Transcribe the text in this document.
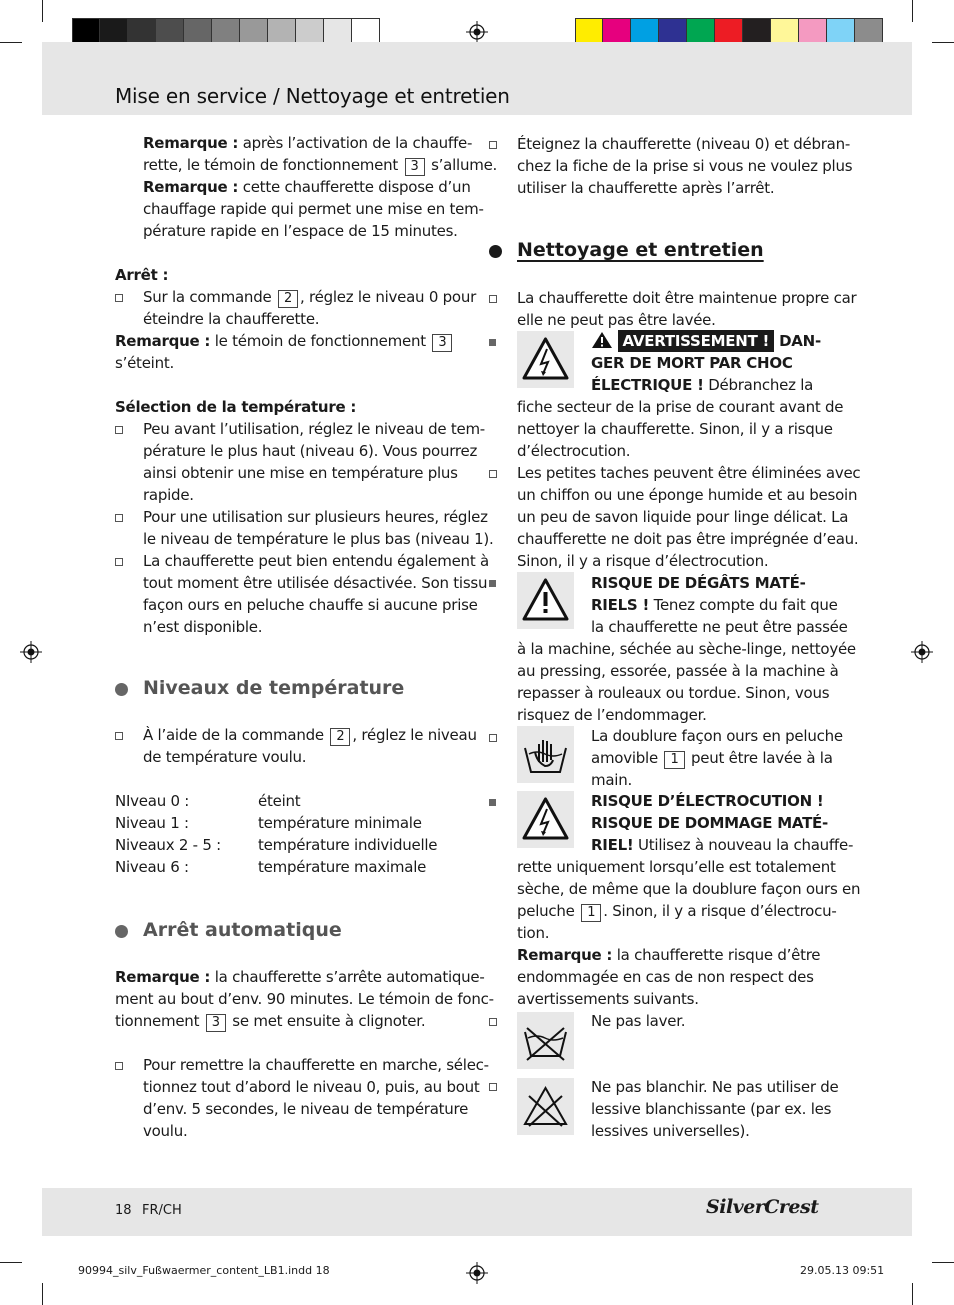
Mise en service / Nettoyage et entretien
Remarque : après l’activation de la chauffe-
rette, le témoin de fonctionnement 3 s’allume.
Remarque : cette chaufferette dispose d’un
chauffage rapide qui permet une mise en tem-
pérature rapide en l’espace de 15 minutes.
Arrêt :
Sur la commande 2 , réglez le niveau 0 pour
éteindre la chaufferette.
Remarque : le témoin de fonctionnement 3
s’éteint.
Sélection de la température :
Peu avant l’utilisation, réglez le niveau de tem-
pérature le plus haut (niveau 6). Vous pourrez
ainsi obtenir une mise en température plus
rapide.
Pour une utilisation sur plusieurs heures, réglez
le niveau de température le plus bas (niveau 1).
La chaufferette peut bien entendu également à
tout moment être utilisée désactivée. Son tissu
façon ours en peluche chauffe si aucune prise
n’est disponible.
Niveaux de température
À l’aide de la commande 2 , réglez le niveau
de température voulu.
NIveau 0 :	éteint
Niveau 1 :	température minimale
Niveaux 2 - 5 : température individuelle
Niveau 6 :	température maximale
Arrêt automatique
Remarque : la chaufferette s’arrête automatique-
ment au bout d’env. 90 minutes. Le témoin de fonc-
tionnement 3 se met ensuite à clignoter.
Pour remettre la chaufferette en marche, sélec-
tionnez tout d’abord le niveau 0, puis, au bout
d’env. 5 secondes, le niveau de température
voulu.
Éteignez la chaufferette (niveau 0) et débran-
chez la fiche de la prise si vous ne voulez plus
utiliser la chaufferette après l’arrêt.
Nettoyage et entretien
La chaufferette doit être maintenue propre car
elle ne peut pas être lavée.
AVERTISSEMENT ! DAN-
GER DE MORT PAR CHOC
ÉLECTRIQUE ! Débranchez la
fiche secteur de la prise de courant avant de
nettoyer la chaufferette. Sinon, il y a risque
d’électrocution.
Les petites taches peuvent être éliminées avec
un chiffon ou une éponge humide et au besoin
un peu de savon liquide pour linge délicat. La
chaufferette ne doit pas être imprégnée d’eau.
Sinon, il y a risque d’électrocution.
RISQUE DE DÉGÂTS MATÉ-
RIELS ! Tenez compte du fait que
la chaufferette ne peut être passée
à la machine, séchée au sèche-linge, nettoyée
au pressing, essorée, passée à la machine à
repasser à rouleaux ou tordue. Sinon, vous
risquez de l’endommager.
La doublure façon ours en peluche
amovible 1 peut être lavée à la
main.
RISQUE D’ÉLECTROCUTION !
RISQUE DE DOMMAGE MATÉ-
RIEL! Utilisez à nouveau la chauffe-
rette uniquement lorsqu’elle est totalement
sèche, de même que la doublure façon ours en
peluche 1 . Sinon, il y a risque d’électrocu-
tion.
Remarque : la chaufferette risque d’être
endommagée en cas de non respect des
avertissements suivants.
Ne pas laver.
Ne pas blanchir. Ne pas utiliser de
lessive blanchissante (par ex. les
lessives universelles).
18 FR/CH	SilverCrest
90994_silv_Fußwaermer_content_LB1.indd 18	29.05.13 09:51
